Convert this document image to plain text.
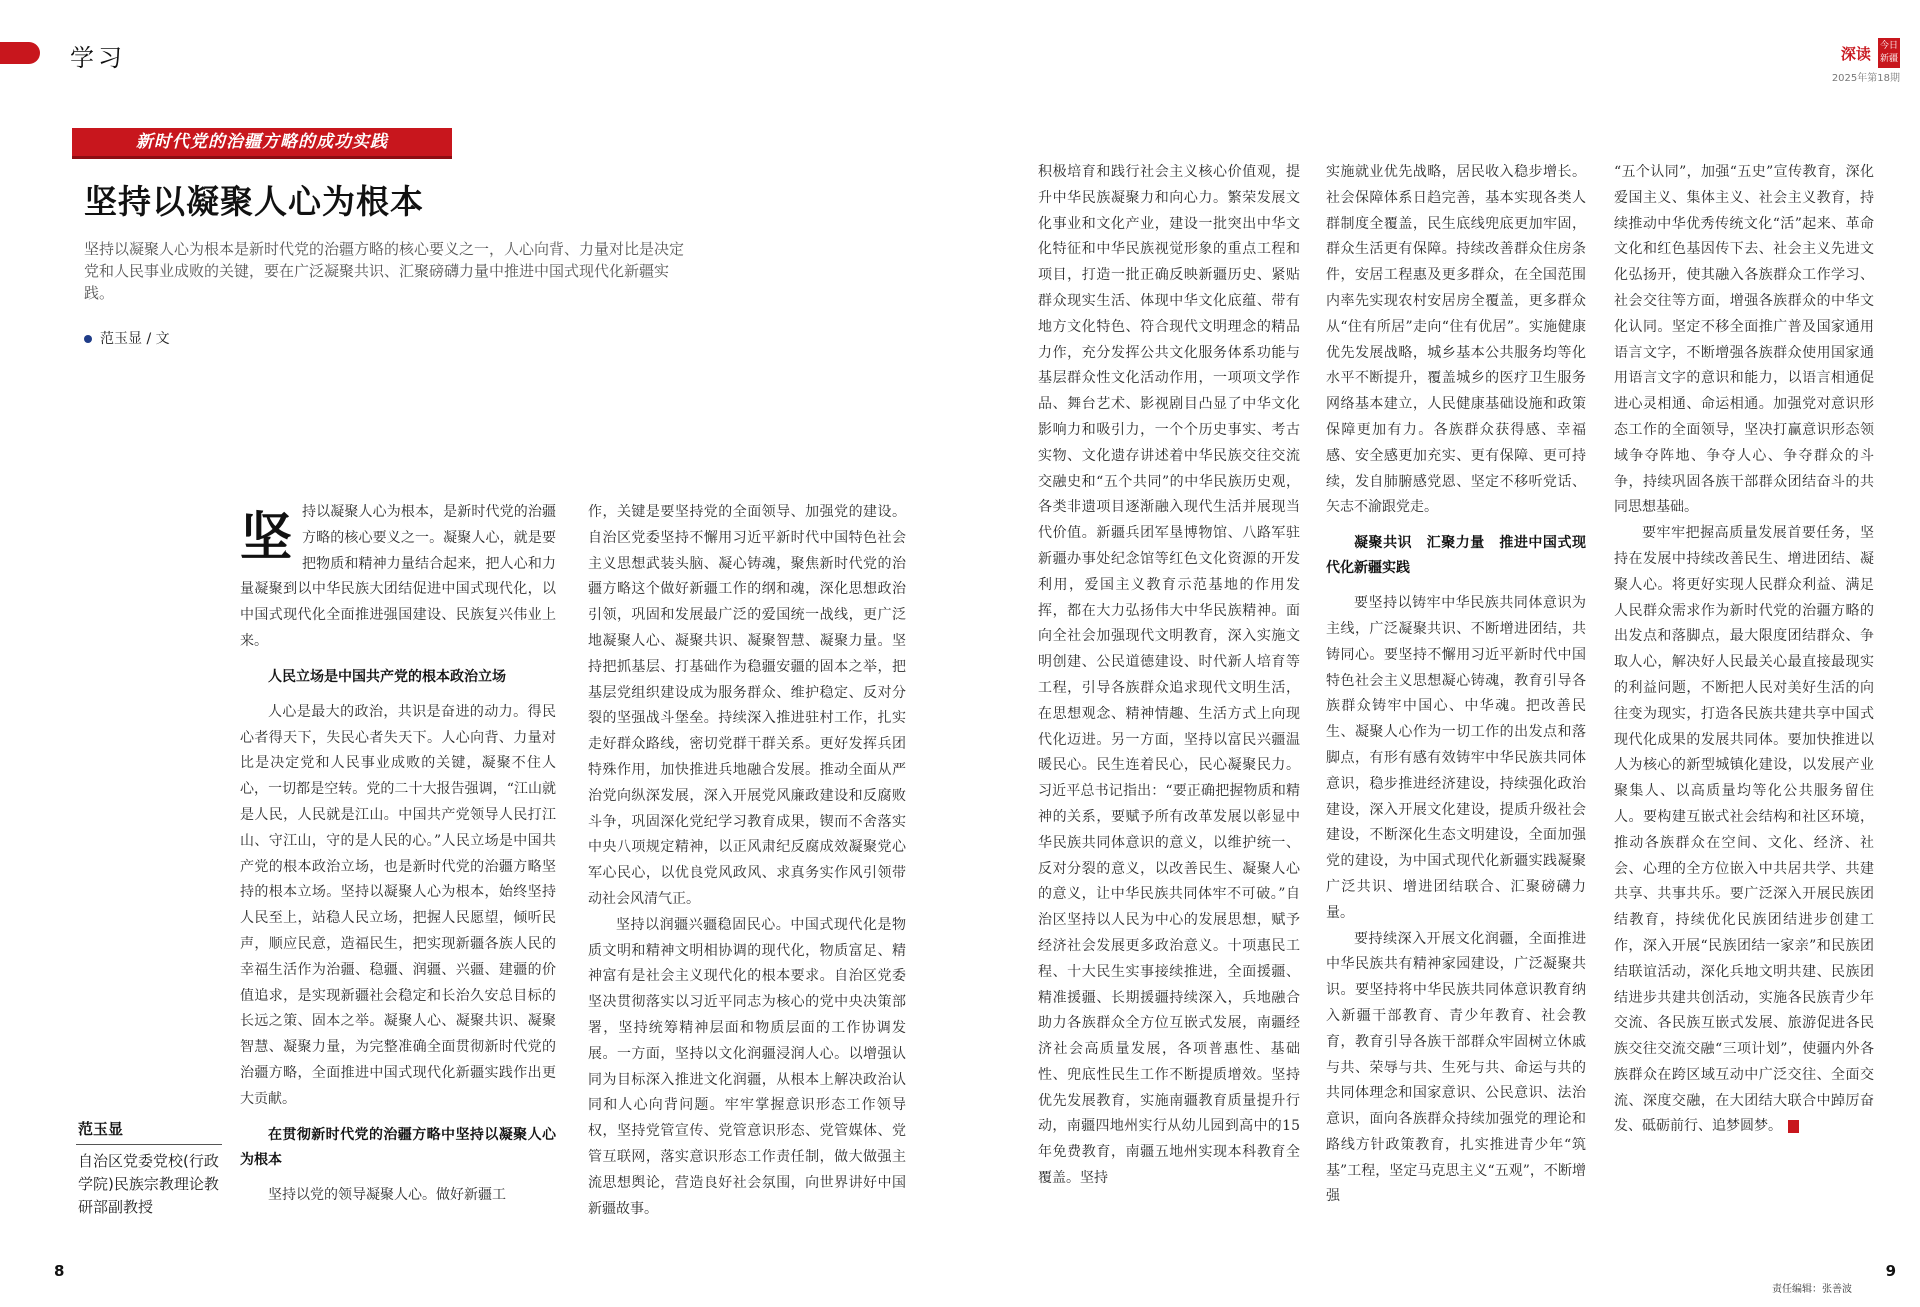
学习	深读 今日新疆
2025年第18期
新时代党的治疆方略的成功实践
坚持以凝聚人心为根本
坚持以凝聚人心为根本是新时代党的治疆方略的核心要义之一，人心向背、力量对比是决定党和人民事业成败的关键，要在广泛凝聚共识、汇聚磅礴力量中推进中国式现代化新疆实践。
范玉显 / 文
范玉显
自治区党委党校(行政学院)民族宗教理论教研部副教授
坚 持以凝聚人心为根本，是新时代党的治疆方略的核心要义之一。凝聚人心，就是要把物质和精神力量结合起来，把人心和力量凝聚到以中华民族大团结促进中国式现代化，以中国式现代化全面推进强国建设、民族复兴伟业上来。

人民立场是中国共产党的根本政治立场

人心是最大的政治，共识是奋进的动力。得民心者得天下，失民心者失天下。人心向背、力量对比是决定党和人民事业成败的关键，凝聚不住人心，一切都是空转。党的二十大报告强调，“江山就是人民，人民就是江山。中国共产党领导人民打江山、守江山，守的是人民的心。”人民立场是中国共产党的根本政治立场，也是新时代党的治疆方略坚持的根本立场。坚持以凝聚人心为根本，始终坚持人民至上，站稳人民立场，把握人民愿望，倾听民声，顺应民意，造福民生，把实现新疆各族人民的幸福生活作为治疆、稳疆、润疆、兴疆、建疆的价值追求，是实现新疆社会稳定和长治久安总目标的长远之策、固本之举。凝聚人心、凝聚共识、凝聚智慧、凝聚力量，为完整准确全面贯彻新时代党的治疆方略，全面推进中国式现代化新疆实践作出更大贡献。

在贯彻新时代党的治疆方略中坚持以凝聚人心为根本

坚持以党的领导凝聚人心。做好新疆工

作，关键是要坚持党的全面领导、加强党的建设。自治区党委坚持不懈用习近平新时代中国特色社会主义思想武装头脑、凝心铸魂，聚焦新时代党的治疆方略这个做好新疆工作的纲和魂，深化思想政治引领，巩固和发展最广泛的爱国统一战线，更广泛地凝聚人心、凝聚共识、凝聚智慧、凝聚力量。坚持把抓基层、打基础作为稳疆安疆的固本之举，把基层党组织建设成为服务群众、维护稳定、反对分裂的坚强战斗堡垒。持续深入推进驻村工作，扎实走好群众路线，密切党群干群关系。更好发挥兵团特殊作用，加快推进兵地融合发展。推动全面从严治党向纵深发展，深入开展党风廉政建设和反腐败斗争，巩固深化党纪学习教育成果，锲而不舍落实中央八项规定精神，以正风肃纪反腐成效凝聚党心军心民心，以优良党风政风、求真务实作风引领带动社会风清气正。

坚持以润疆兴疆稳固民心。中国式现代化是物质文明和精神文明相协调的现代化，物质富足、精神富有是社会主义现代化的根本要求。自治区党委坚决贯彻落实以习近平同志为核心的党中央决策部署，坚持统筹精神层面和物质层面的工作协调发展。一方面，坚持以文化润疆浸润人心。以增强认同为目标深入推进文化润疆，从根本上解决政治认同和人心向背问题。牢牢掌握意识形态工作领导权，坚持党管宣传、党管意识形态、党管媒体、党管互联网，落实意识形态工作责任制，做大做强主流思想舆论，营造良好社会氛围，向世界讲好中国新疆故事。

积极培育和践行社会主义核心价值观，提升中华民族凝聚力和向心力。繁荣发展文化事业和文化产业，建设一批突出中华文化特征和中华民族视觉形象的重点工程和项目，打造一批正确反映新疆历史、紧贴群众现实生活、体现中华文化底蕴、带有地方文化特色、符合现代文明理念的精品力作，充分发挥公共文化服务体系功能与基层群众性文化活动作用，一项项文学作品、舞台艺术、影视剧目凸显了中华文化影响力和吸引力，一个个历史事实、考古实物、文化遗存讲述着中华民族交往交流交融史和“五个共同”的中华民族历史观，各类非遗项目逐渐融入现代生活并展现当代价值。新疆兵团军垦博物馆、八路军驻新疆办事处纪念馆等红色文化资源的开发利用，爱国主义教育示范基地的作用发挥，都在大力弘扬伟大中华民族精神。面向全社会加强现代文明教育，深入实施文明创建、公民道德建设、时代新人培育等工程，引导各族群众追求现代文明生活，在思想观念、精神情趣、生活方式上向现代化迈进。另一方面，坚持以富民兴疆温暖民心。民生连着民心，民心凝聚民力。习近平总书记指出：“要正确把握物质和精神的关系，要赋予所有改革发展以彰显中华民族共同体意识的意义，以维护统一、反对分裂的意义，以改善民生、凝聚人心的意义，让中华民族共同体牢不可破。”自治区坚持以人民为中心的发展思想，赋予经济社会发展更多政治意义。十项惠民工程、十大民生实事接续推进，全面援疆、精准援疆、长期援疆持续深入，兵地融合助力各族群众全方位互嵌式发展，南疆经济社会高质量发展，各项普惠性、基础性、兜底性民生工作不断提质增效。坚持优先发展教育，实施南疆教育质量提升行动，南疆四地州实行从幼儿园到高中的15年免费教育，南疆五地州实现本科教育全覆盖。坚持

实施就业优先战略，居民收入稳步增长。社会保障体系日趋完善，基本实现各类人群制度全覆盖，民生底线兜底更加牢固，群众生活更有保障。持续改善群众住房条件，安居工程惠及更多群众，在全国范围内率先实现农村安居房全覆盖，更多群众从“住有所居”走向“住有优居”。实施健康优先发展战略，城乡基本公共服务均等化水平不断提升，覆盖城乡的医疗卫生服务网络基本建立，人民健康基础设施和政策保障更加有力。各族群众获得感、幸福感、安全感更加充实、更有保障、更可持续，发自肺腑感党恩、坚定不移听党话、矢志不渝跟党走。

凝聚共识　汇聚力量　推进中国式现代化新疆实践

要坚持以铸牢中华民族共同体意识为主线，广泛凝聚共识、不断增进团结，共铸同心。要坚持不懈用习近平新时代中国特色社会主义思想凝心铸魂，教育引导各族群众铸牢中国心、中华魂。把改善民生、凝聚人心作为一切工作的出发点和落脚点，有形有感有效铸牢中华民族共同体意识，稳步推进经济建设，持续强化政治建设，深入开展文化建设，提质升级社会建设，不断深化生态文明建设，全面加强党的建设，为中国式现代化新疆实践凝聚广泛共识、增进团结联合、汇聚磅礴力量。

要持续深入开展文化润疆，全面推进中华民族共有精神家园建设，广泛凝聚共识。要坚持将中华民族共同体意识教育纳入新疆干部教育、青少年教育、社会教育，教育引导各族干部群众牢固树立休戚与共、荣辱与共、生死与共、命运与共的共同体理念和国家意识、公民意识、法治意识，面向各族群众持续加强党的理论和路线方针政策教育，扎实推进青少年“筑基”工程，坚定马克思主义“五观”，不断增强

“五个认同”，加强“五史”宣传教育，深化爱国主义、集体主义、社会主义教育，持续推动中华优秀传统文化“活”起来、革命文化和红色基因传下去、社会主义先进文化弘扬开，使其融入各族群众工作学习、社会交往等方面，增强各族群众的中华文化认同。坚定不移全面推广普及国家通用语言文字，不断增强各族群众使用国家通用语言文字的意识和能力，以语言相通促进心灵相通、命运相通。加强党对意识形态工作的全面领导，坚决打赢意识形态领域争夺阵地、争夺人心、争夺群众的斗争，持续巩固各族干部群众团结奋斗的共同思想基础。

要牢牢把握高质量发展首要任务，坚持在发展中持续改善民生、增进团结、凝聚人心。将更好实现人民群众利益、满足人民群众需求作为新时代党的治疆方略的出发点和落脚点，最大限度团结群众、争取人心，解决好人民最关心最直接最现实的利益问题，不断把人民对美好生活的向往变为现实，打造各民族共建共享中国式现代化成果的发展共同体。要加快推进以人为核心的新型城镇化建设，以发展产业聚集人、以高质量均等化公共服务留住人。要构建互嵌式社会结构和社区环境，推动各族群众在空间、文化、经济、社会、心理的全方位嵌入中共居共学、共建共享、共事共乐。要广泛深入开展民族团结教育，持续优化民族团结进步创建工作，深入开展“民族团结一家亲”和民族团结联谊活动，深化兵地文明共建、民族团结进步共建共创活动，实施各民族青少年交流、各民族互嵌式发展、旅游促进各民族交往交流交融“三项计划”，使疆内外各族群众在跨区域互动中广泛交往、全面交流、深度交融，在大团结大联合中踔厉奋发、砥砺前行、追梦圆梦。

8	9
责任编辑：张善波
